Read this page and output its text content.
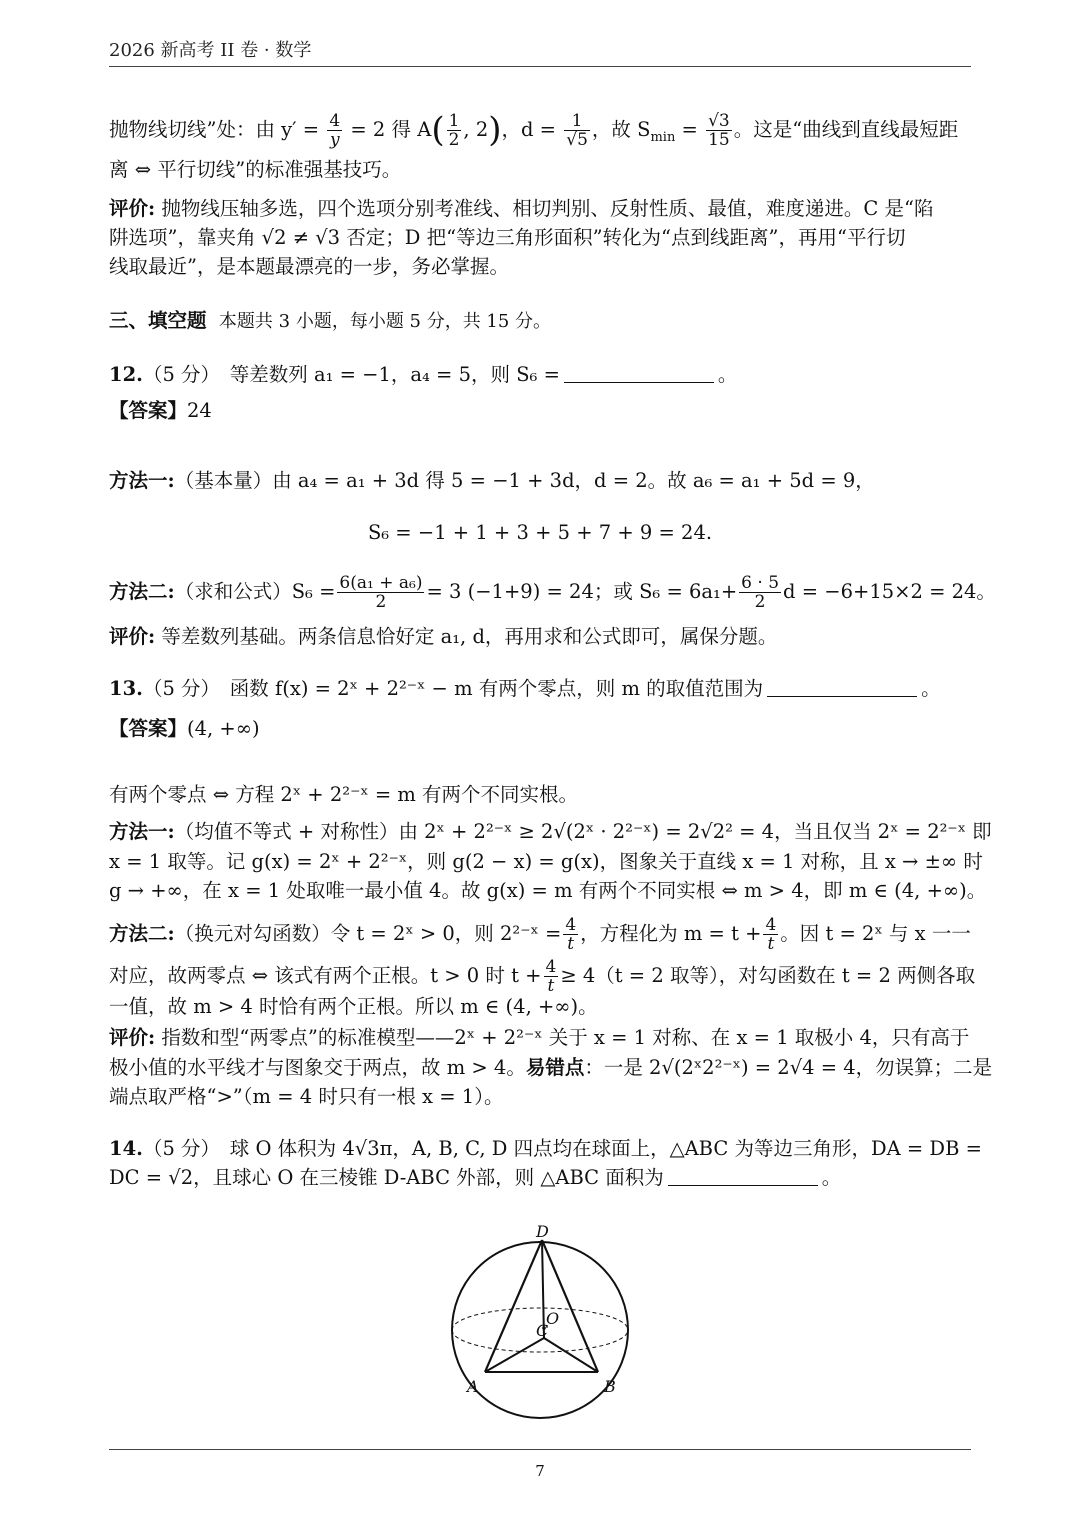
2026 新高考 II 卷 · 数学
抛物线切线”处：由 $y' = \frac{4}{y} = 2$ 得 $A( \frac{1}{2}$ , 2)，$d = \frac{1}{√5}$ ，故 $S_{min} = \frac{√3}{15}$ 。这是“曲线到直线最短距
离 ⇔ 平行切线”的标准强基技巧。
评价: 抛物线压轴多选，四个选项分别考准线、相切判别、反射性质、最值，难度递进。C 是“陷
阱选项”，靠夹角 √2 ≠ √3 否定；D 把“等边三角形面积”转化为“点到线距离”，再用“平行切
线取最近”，是本题最漂亮的一步，务必掌握。
三、填空题 本题共 3 小题，每小题 5 分，共 15 分。
12.（5 分）　等差数列 a₁ = −1，a₄ = 5，则 S₆ =	。
【答案】24
方法一:（基本量）由 a₄ = a₁ + 3d 得 5 = −1 + 3d，d = 2。故 a₆ = a₁ + 5d = 9，
S₆ = −1 + 1 + 3 + 5 + 7 + 9 = 24.
方法二:（求和公式）$S_6 = \frac{\text{6(a₁ + a₆)}}{2} = 3$ (−1+9) = 24；或 $S_6 = 6a_1+ \frac{6 \cdot 5}{2}$ d = −6+15×2 = 24。
评价: 等差数列基础。两条信息恰好定 a₁, d，再用求和公式即可，属保分题。
13.（5 分）　函数 f(x) = 2ˣ + 2²⁻ˣ − m 有两个零点，则 m 的取值范围为	。
【答案】(4, +∞)
有两个零点 ⇔ 方程 2ˣ + 2²⁻ˣ = m 有两个不同实根。
方法一:（均值不等式 + 对称性）由 2ˣ + 2²⁻ˣ ≥ 2√(2ˣ · 2²⁻ˣ) = 2√2² = 4，当且仅当 2ˣ = 2²⁻ˣ 即
x = 1 取等。记 g(x) = 2ˣ + 2²⁻ˣ，则 g(2 − x) = g(x)，图象关于直线 x = 1 对称，且 x → ±∞ 时
g → +∞，在 x = 1 处取唯一最小值 4。故 g(x) = m 有两个不同实根 ⇔ m > 4，即 m ∈ (4, +∞)。
方法二:（换元对勾函数）令 t = 2ˣ > 0，则 2²⁻ˣ = $\frac{4}{t}$ ，方程化为 $m = t + \frac{4}{t}$ 。因 t = 2ˣ 与 x 一一
对应，故两零点 ⇔ 该式有两个正根。t > 0 时 $t + \frac{4}{t} \ge 4(t = 2$ 取等），对勾函数在 t = 2 两侧各取
一值，故 m > 4 时恰有两个正根。所以 m ∈ (4, +∞)。
评价: 指数和型“两零点”的标准模型——2ˣ + 2²⁻ˣ 关于 x = 1 对称、在 x = 1 取极小 4，只有高于
极小值的水平线才与图象交于两点，故 m > 4。易错点：一是 2√(2ˣ2²⁻ˣ) = 2√4 = 4，勿误算；二是
端点取严格“>”（m = 4 时只有一根 x = 1）。
14.（5 分）　球 O 体积为 4√3π，A, B, C, D 四点均在球面上，△ABC 为等边三角形，DA = DB =
DC = √2，且球心 O 在三棱锥 D-ABC 外部，则 △ABC 面积为	。
D
O
C
A	B
7
